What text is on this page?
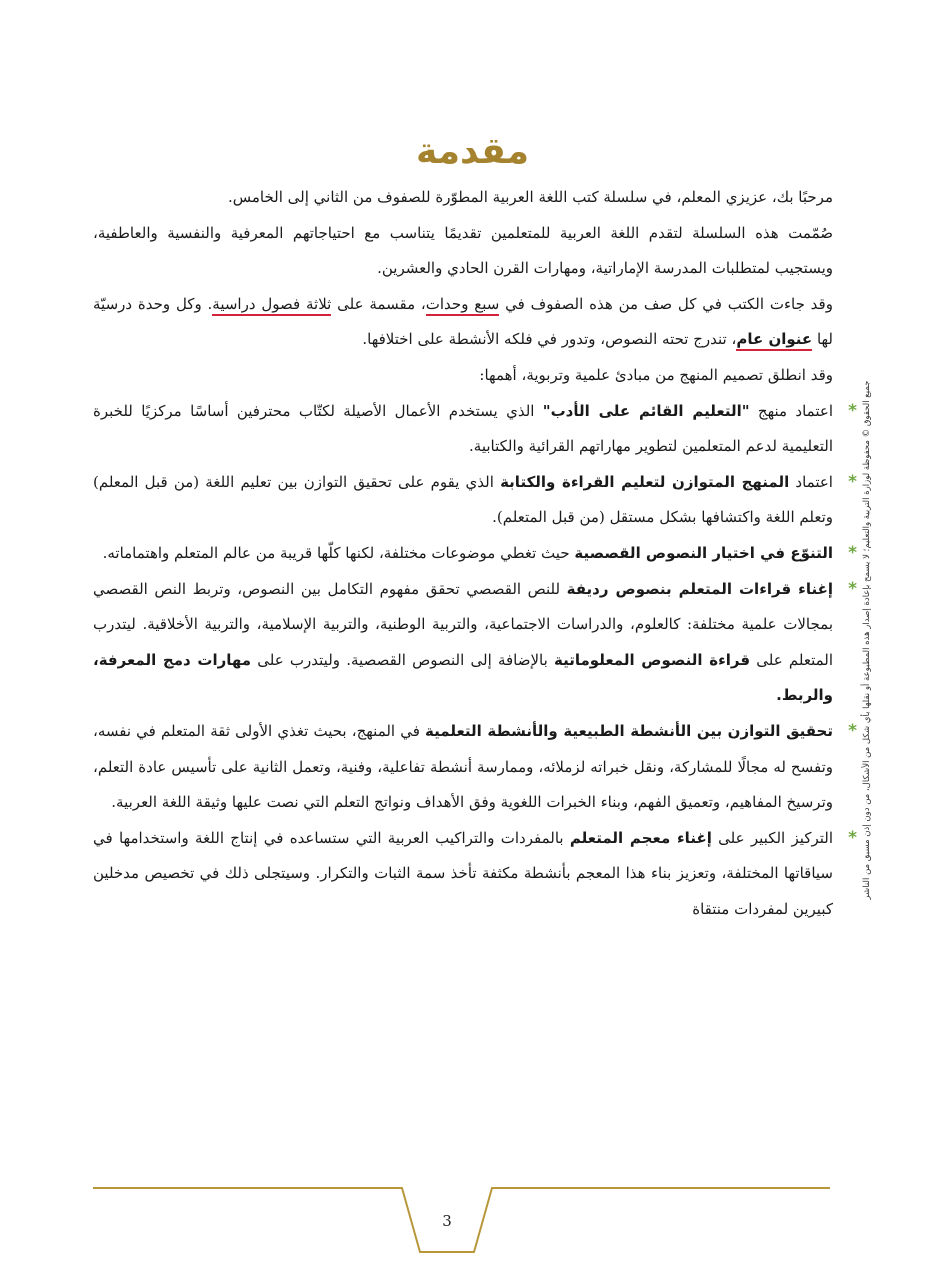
مقدمة

مرحبًا بك، عزيزي المعلم، في سلسلة كتب اللغة العربية المطوّرة للصفوف من الثاني إلى الخامس.

صُمّمت هذه السلسلة لتقدم اللغة العربية للمتعلمين تقديمًا يتناسب مع احتياجاتهم المعرفية والنفسية والعاطفية، ويستجيب لمتطلبات المدرسة الإماراتية، ومهارات القرن الحادي والعشرين.

وقد جاءت الكتب في كل صف من هذه الصفوف في سبع وحدات، مقسمة على ثلاثة فصول دراسية. وكل وحدة درسيّة لها عنوان عام، تندرج تحته النصوص، وتدور في فلكه الأنشطة على اختلافها.

وقد انطلق تصميم المنهج من مبادئ علمية وتربوية، أهمها:

*
اعتماد منهج "التعليم القائم على الأدب" الذي يستخدم الأعمال الأصيلة لكتّاب محترفين أساسًا مركزيًا للخبرة التعليمية لدعم المتعلمين لتطوير مهاراتهم القرائية والكتابية.
*
اعتماد المنهج المتوازن لتعليم القراءة والكتابة الذي يقوم على تحقيق التوازن بين تعليم اللغة (من قبل المعلم) وتعلم اللغة واكتشافها بشكل مستقل (من قبل المتعلم).
*
التنوّع في اختيار النصوص القصصية حيث تغطي موضوعات مختلفة، لكنها كلّها قريبة من عالم المتعلم واهتماماته.
*
إغناء قراءات المتعلم بنصوص رديفة للنص القصصي تحقق مفهوم التكامل بين النصوص، وتربط النص القصصي بمجالات علمية مختلفة: كالعلوم، والدراسات الاجتماعية، والتربية الوطنية، والتربية الإسلامية، والتربية الأخلاقية. ليتدرب المتعلم على قراءة النصوص المعلوماتية بالإضافة إلى النصوص القصصية. وليتدرب على مهارات دمج المعرفة، والربط.
*
تحقيق التوازن بين الأنشطة الطبيعية والأنشطة التعلمية في المنهج، بحيث تغذي الأولى ثقة المتعلم في نفسه، وتفسح له مجالًا للمشاركة، ونقل خبراته لزملائه، وممارسة أنشطة تفاعلية، وفنية، وتعمل الثانية على تأسيس عادة التعلم، وترسيخ المفاهيم، وتعميق الفهم، وبناء الخبرات اللغوية وفق الأهداف ونواتج التعلم التي نصت عليها وثيقة اللغة العربية.
*
التركيز الكبير على إغناء معجم المتعلم بالمفردات والتراكيب العربية التي ستساعده في إنتاج اللغة واستخدامها في سياقاتها المختلفة، وتعزيز بناء هذا المعجم بأنشطة مكثفة تأخذ سمة الثبات والتكرار. وسيتجلى ذلك في تخصيص مدخلين كبيرين لمفردات منتقاة
جميع الحقوق © محفوظة لوزارة التربية والتعليم؛ لا يسمح بإعادة إصدار هذه المطبوعة أو نقلها بأي شكل من الأشكال، من دون إذن مسبق من الناشر
3
